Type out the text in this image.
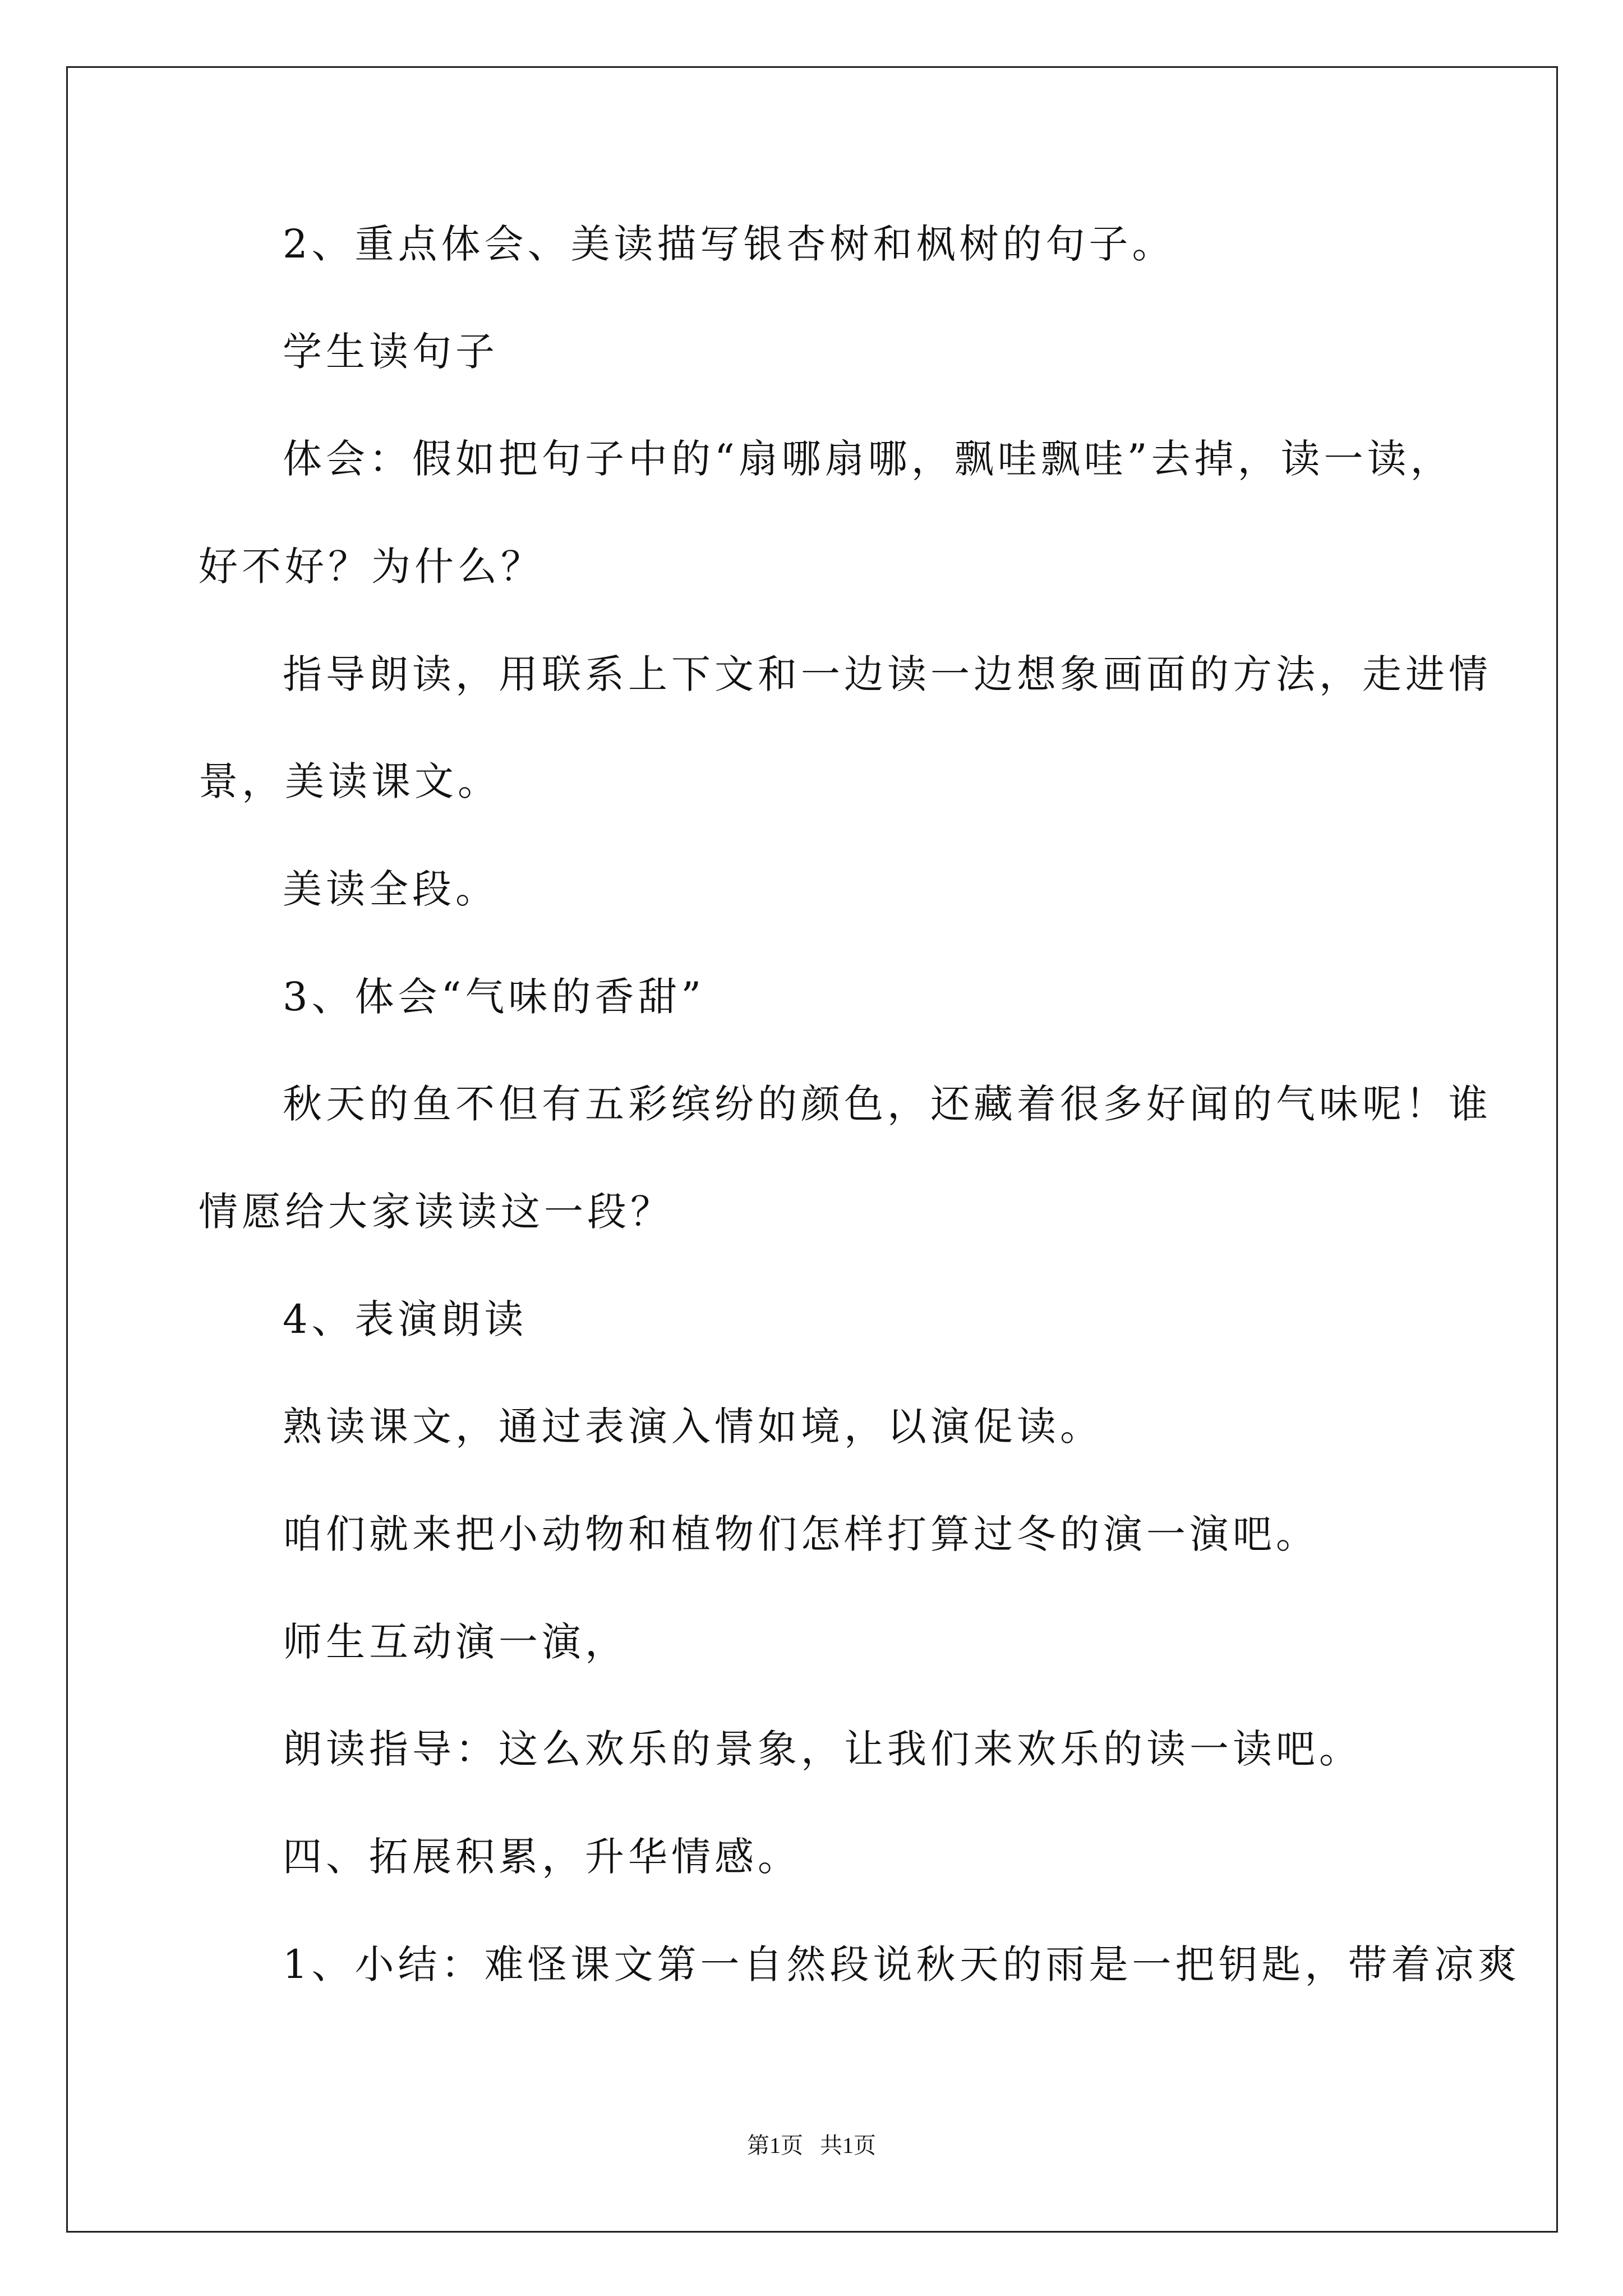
2、重点体会、美读描写银杏树和枫树的句子。
学生读句子
体会：假如把句子中的“扇哪扇哪，飘哇飘哇”去掉，读一读，
好不好？为什么？
指导朗读，用联系上下文和一边读一边想象画面的方法，走进情
景，美读课文。
美读全段。
3、体会“气味的香甜”
秋天的鱼不但有五彩缤纷的颜色，还藏着很多好闻的气味呢！谁
情愿给大家读读这一段？
4、表演朗读
熟读课文，通过表演入情如境，以演促读。
咱们就来把小动物和植物们怎样打算过冬的演一演吧。
师生互动演一演，
朗读指导：这么欢乐的景象，让我们来欢乐的读一读吧。
四、拓展积累，升华情感。
1、小结：难怪课文第一自然段说秋天的雨是一把钥匙，带着凉爽
第1页   共1页
